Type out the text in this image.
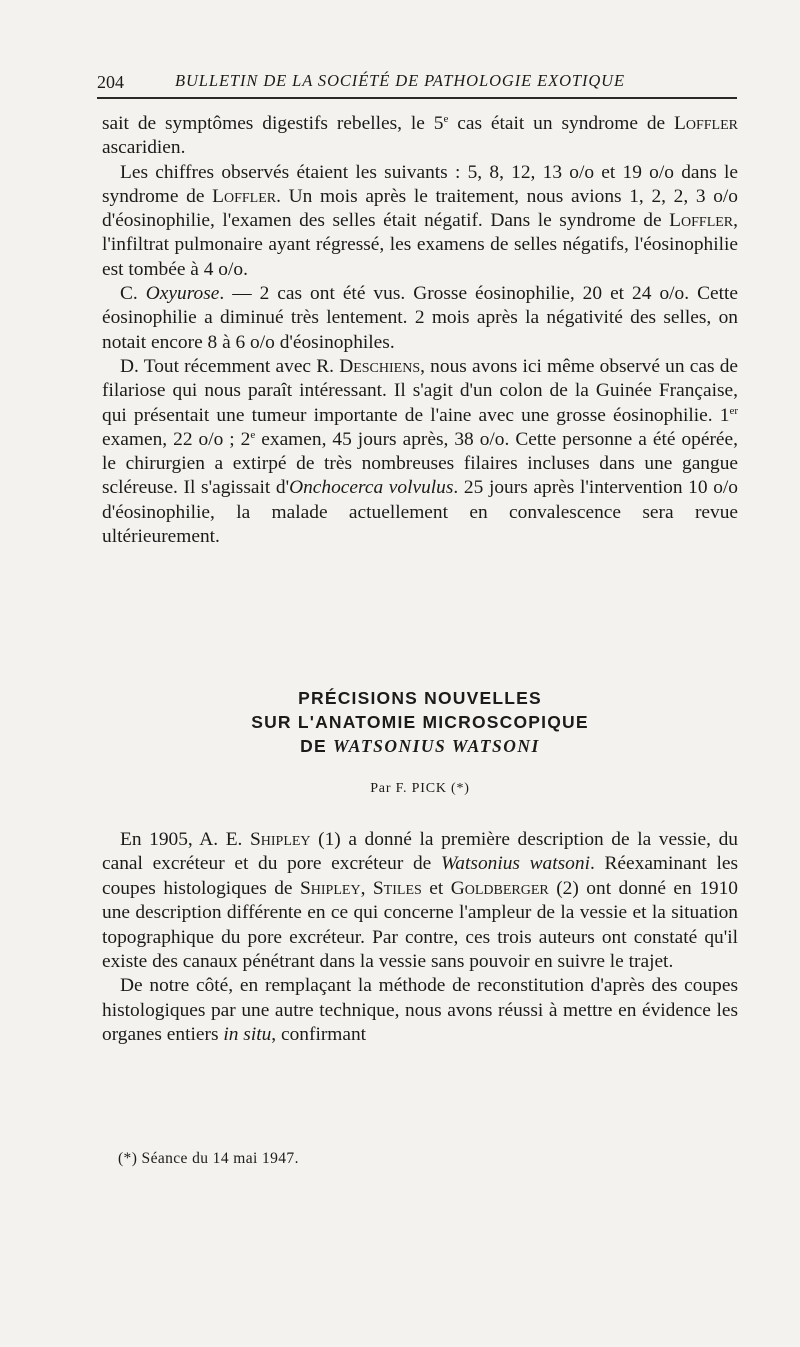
204	BULLETIN DE LA SOCIÉTÉ DE PATHOLOGIE EXOTIQUE

sait de symptômes digestifs rebelles, le 5e cas était un syndrome de Loffler ascaridien.

Les chiffres observés étaient les suivants : 5, 8, 12, 13 o/o et 19 o/o dans le syndrome de Loffler. Un mois après le traitement, nous avions 1, 2, 2, 3 o/o d'éosinophilie, l'examen des selles était négatif. Dans le syndrome de Loffler, l'infiltrat pulmonaire ayant régressé, les examens de selles négatifs, l'éosinophilie est tombée à 4 o/o.

C. Oxyurose. — 2 cas ont été vus. Grosse éosinophilie, 20 et 24 o/o. Cette éosinophilie a diminué très lentement. 2 mois après la négativité des selles, on notait encore 8 à 6 o/o d'éosinophiles.

D. Tout récemment avec R. Deschiens, nous avons ici même observé un cas de filariose qui nous paraît intéressant. Il s'agit d'un colon de la Guinée Française, qui présentait une tumeur importante de l'aine avec une grosse éosinophilie. 1er examen, 22 o/o ; 2e examen, 45 jours après, 38 o/o. Cette personne a été opérée, le chirurgien a extirpé de très nombreuses filaires incluses dans une gangue scléreuse. Il s'agissait d'Onchocerca volvulus. 25 jours après l'intervention 10 o/o d'éosinophilie, la malade actuellement en convalescence sera revue ultérieurement.

PRÉCISIONS NOUVELLES
SUR L'ANATOMIE MICROSCOPIQUE
DE WATSONIUS WATSONI
Par F. PICK (*)

En 1905, A. E. Shipley (1) a donné la première description de la vessie, du canal excréteur et du pore excréteur de Watsonius watsoni. Réexaminant les coupes histologiques de Shipley, Stiles et Goldberger (2) ont donné en 1910 une description différente en ce qui concerne l'ampleur de la vessie et la situation topographique du pore excréteur. Par contre, ces trois auteurs ont constaté qu'il existe des canaux pénétrant dans la vessie sans pouvoir en suivre le trajet.

De notre côté, en remplaçant la méthode de reconstitution d'après des coupes histologiques par une autre technique, nous avons réussi à mettre en évidence les organes entiers in situ, confirmant

(*) Séance du 14 mai 1947.
